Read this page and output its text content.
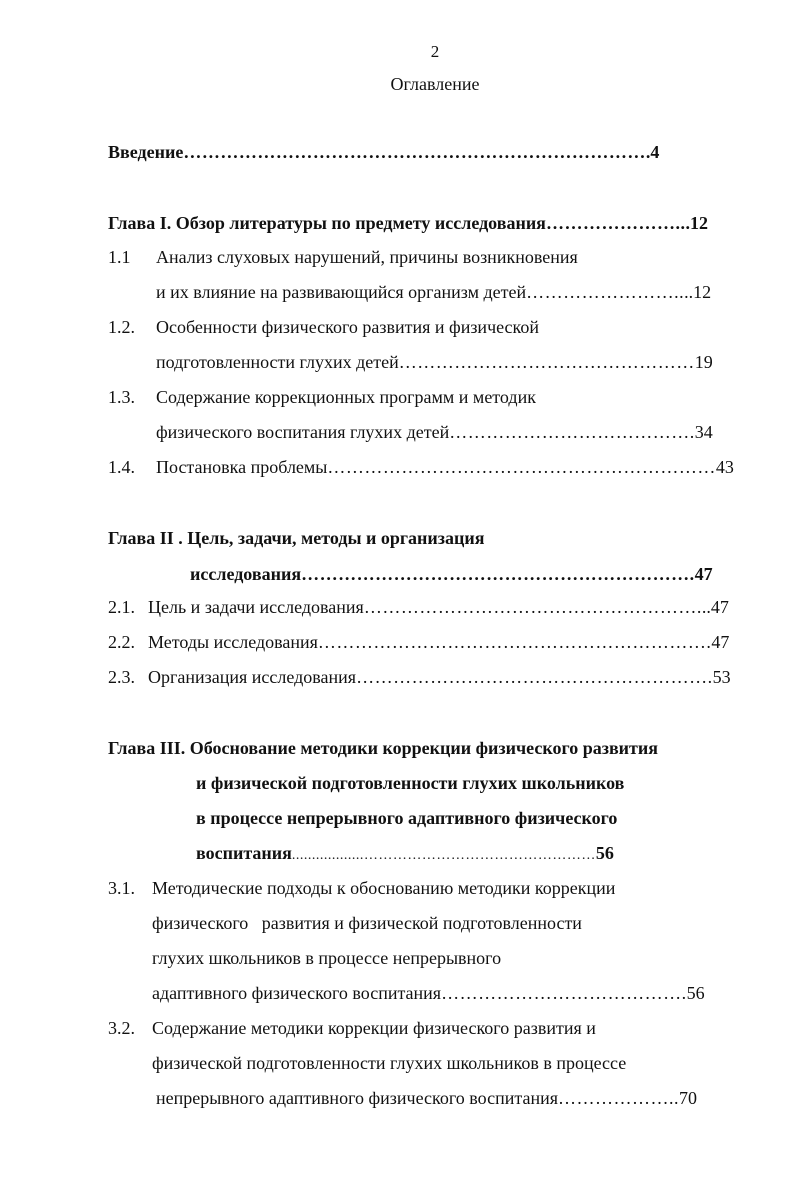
2
Оглавление
Введение………………………………………………………………….4
Глава I. Обзор литературы по предмету исследования…………………...12
1.1 Анализ слуховых нарушений, причины возникновения
и их влияние на развивающийся организм детей……………………....12
1.2. Особенности физического развития и физической
подготовленности глухих детей…………………………………………19
1.3. Содержание коррекционных программ и методик
физического воспитания глухих детей………………………………….34
1.4. Постановка проблемы………………………………………………………43
Глава II . Цель, задачи, методы и организация
исследования……………………………………………………….47
2.1. Цель и задачи исследования………………………………………………...47
2.2. Методы исследования……………………………………………………….47
2.3. Организация исследования………………………………………………….53
Глава III. Обоснование методики коррекции физического развития
и физической подготовленности глухих школьников
в процессе непрерывного адаптивного физического
воспитания..................…………………………………………56
3.1. Методические подходы к обоснованию методики коррекции
физического   развития и физической подготовленности
глухих школьников в процессе непрерывного
адаптивного физического воспитания………………………………….56
3.2. Содержание методики коррекции физического развития и
физической подготовленности глухих школьников в процессе
непрерывного адаптивного физического воспитания………………..70
